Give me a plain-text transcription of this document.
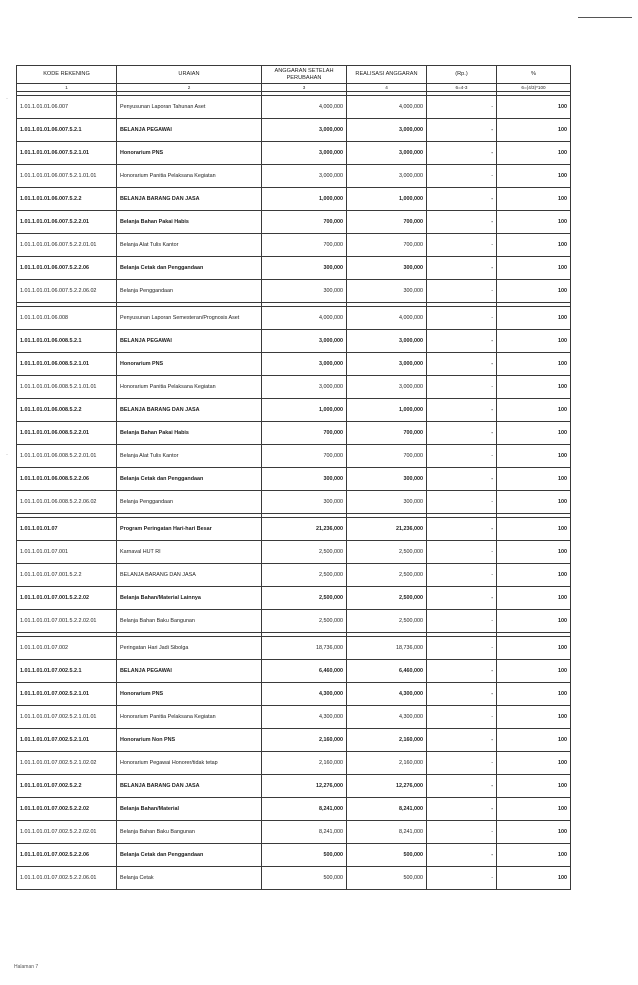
·
·
KODE REKENING	URAIAN	ANGGARAN SETELAH PERUBAHAN	REALISASI ANGGARAN	(Rp.)	%
1	2	3	4	6=4-3	6=(4/3)*100

1.01.1.01.01.06.007	Penyusunan Laporan Tahunan Aset	4,000,000	4,000,000	-	100
1.01.1.01.01.06.007.5.2.1	BELANJA PEGAWAI	3,000,000	3,000,000	-	100
1.01.1.01.01.06.007.5.2.1.01	Honorarium PNS	3,000,000	3,000,000	-	100
1.01.1.01.01.06.007.5.2.1.01.01	Honorarium Panitia Pelaksana Kegiatan	3,000,000	3,000,000	-	100
1.01.1.01.01.06.007.5.2.2	BELANJA BARANG DAN JASA	1,000,000	1,000,000	-	100
1.01.1.01.01.06.007.5.2.2.01	Belanja Bahan Pakai Habis	700,000	700,000	-	100
1.01.1.01.01.06.007.5.2.2.01.01	Belanja Alat Tulis Kantor	700,000	700,000	-	100
1.01.1.01.01.06.007.5.2.2.06	Belanja Cetak dan Penggandaan	300,000	300,000	-	100
1.01.1.01.01.06.007.5.2.2.06.02	Belanja Penggandaan	300,000	300,000	-	100

1.01.1.01.01.06.008	Penyusunan Laporan Semesteran/Prognosis Aset	4,000,000	4,000,000	-	100
1.01.1.01.01.06.008.5.2.1	BELANJA PEGAWAI	3,000,000	3,000,000	-	100
1.01.1.01.01.06.008.5.2.1.01	Honorarium PNS	3,000,000	3,000,000	-	100
1.01.1.01.01.06.008.5.2.1.01.01	Honorarium Panitia Pelaksana Kegiatan	3,000,000	3,000,000	-	100
1.01.1.01.01.06.008.5.2.2	BELANJA BARANG DAN JASA	1,000,000	1,000,000	-	100
1.01.1.01.01.06.008.5.2.2.01	Belanja Bahan Pakai Habis	700,000	700,000	-	100
1.01.1.01.01.06.008.5.2.2.01.01	Belanja Alat Tulis Kantor	700,000	700,000	-	100
1.01.1.01.01.06.008.5.2.2.06	Belanja Cetak dan Penggandaan	300,000	300,000	-	100
1.01.1.01.01.06.008.5.2.2.06.02	Belanja Penggandaan	300,000	300,000	-	100

1.01.1.01.01.07	Program Peringatan Hari-hari Besar	21,236,000	21,236,000	-	100
1.01.1.01.01.07.001	Karnaval HUT RI	2,500,000	2,500,000	-	100
1.01.1.01.01.07.001.5.2.2	BELANJA BARANG DAN JASA	2,500,000	2,500,000	-	100
1.01.1.01.01.07.001.5.2.2.02	Belanja Bahan/Material Lainnya	2,500,000	2,500,000	-	100
1.01.1.01.01.07.001.5.2.2.02.01	Belanja Bahan Baku Bangunan	2,500,000	2,500,000	-	100

1.01.1.01.01.07.002	Peringatan Hari Jadi Sibolga	18,736,000	18,736,000	-	100
1.01.1.01.01.07.002.5.2.1	BELANJA PEGAWAI	6,460,000	6,460,000	-	100
1.01.1.01.01.07.002.5.2.1.01	Honorarium PNS	4,300,000	4,300,000	-	100
1.01.1.01.01.07.002.5.2.1.01.01	Honorarium Panitia Pelaksana Kegiatan	4,300,000	4,300,000	-	100
1.01.1.01.01.07.002.5.2.1.01	Honorarium Non PNS	2,160,000	2,160,000	-	100
1.01.1.01.01.07.002.5.2.1.02.02	Honorarium Pegawai Honorer/tidak tetap	2,160,000	2,160,000	-	100
1.01.1.01.01.07.002.5.2.2	BELANJA BARANG DAN JASA	12,276,000	12,276,000	-	100
1.01.1.01.01.07.002.5.2.2.02	Belanja Bahan/Material	8,241,000	8,241,000	-	100
1.01.1.01.01.07.002.5.2.2.02.01	Belanja Bahan Baku Bangunan	8,241,000	8,241,000	-	100
1.01.1.01.01.07.002.5.2.2.06	Belanja Cetak dan Penggandaan	500,000	500,000	-	100
1.01.1.01.01.07.002.5.2.2.06.01	Belanja Cetak	500,000	500,000	-	100
Halaman 7
